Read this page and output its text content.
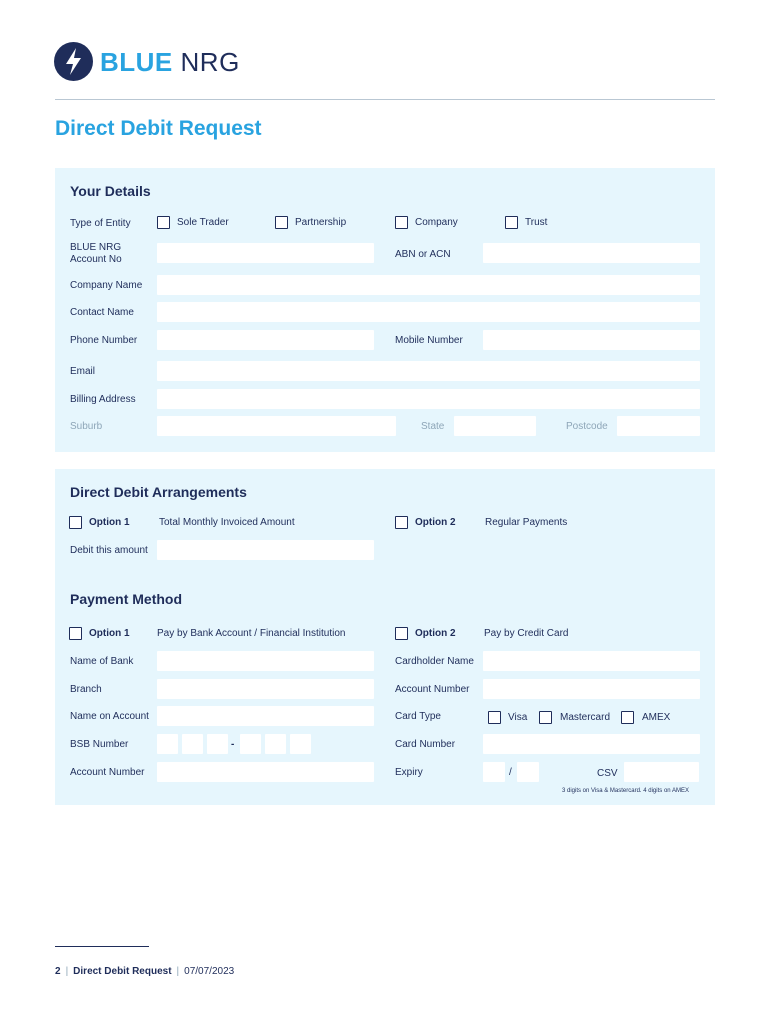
BLUE NRG
Direct Debit Request
Your Details
Type of Entity	Sole Trader	Partnership	Company	Trust
BLUE NRG Account No	ABN or ACN
Company Name
Contact Name
Phone Number	Mobile Number
Email
Billing Address
Suburb	State	Postcode
Direct Debit Arrangements
Option 1	Total Monthly Invoiced Amount	Option 2	Regular Payments
Debit this amount
Payment Method
Option 1	Pay by Bank Account / Financial Institution	Option 2	Pay by Credit Card
Name of Bank	Cardholder Name
Branch	Account Number
Name on Account	Card Type	Visa	Mastercard	AMEX
BSB Number	-	Card Number
Account Number	Expiry	/	CSV
3 digits on Visa & Mastercard. 4 digits on AMEX
2 | Direct Debit Request | 07/07/2023
